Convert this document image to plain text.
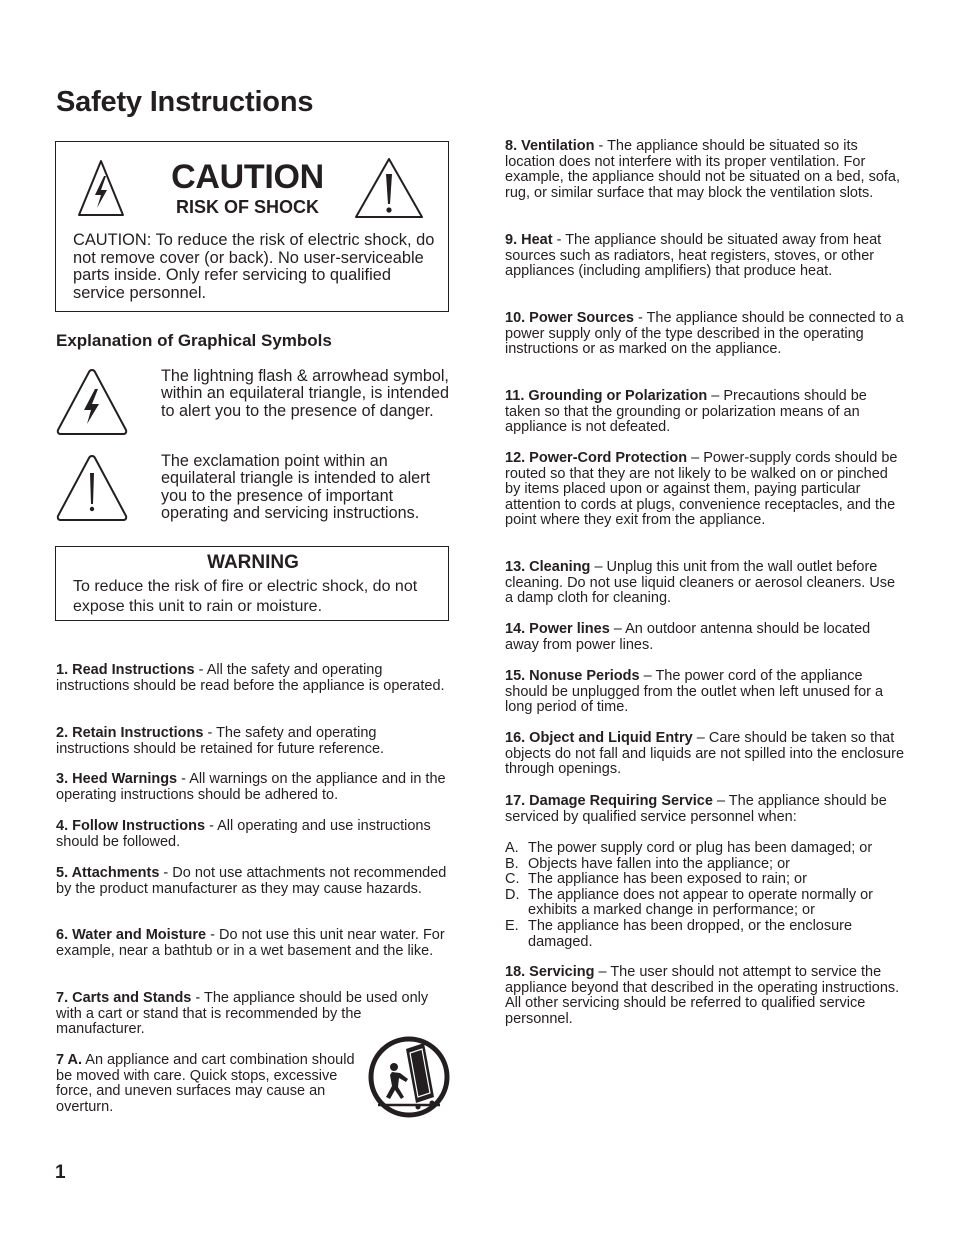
Safety Instructions
CAUTION
RISK OF SHOCK
CAUTION: To reduce the risk of electric shock, do not remove cover (or back). No user-serviceable parts inside. Only refer servicing to qualified service personnel.
Explanation of Graphical Symbols
The lightning flash & arrowhead symbol, within an equilateral triangle, is intended to alert you to the presence of danger.
The exclamation point within an equilateral triangle is intended to alert you to the presence of important operating and servicing instructions.
WARNING
To reduce the risk of fire or electric shock, do not expose this unit to rain or moisture.
1. Read Instructions - All the safety and operating instructions should be read before the appliance is operated.
2. Retain Instructions - The safety and operating instructions should be retained for future reference.
3. Heed Warnings - All warnings on the appliance and in the operating instructions should be adhered to.
4. Follow Instructions - All operating and use instructions should be followed.
5. Attachments - Do not use attachments not recommended by the product manufacturer as they may cause hazards.
6. Water and Moisture - Do not use this unit near water. For example, near a bathtub or in a wet basement and the like.
7. Carts and Stands - The appliance should be used only with a cart or stand that is recommended by the manufacturer.
7 A. An appliance and cart combination should be moved with care. Quick stops, excessive force, and uneven surfaces may cause an overturn.
8. Ventilation - The appliance should be situated so its location does not interfere with its proper ventilation. For example, the appliance should not be situated on a bed, sofa, rug, or similar surface that may block the ventilation slots.
9. Heat - The appliance should be situated away from heat sources such as radiators, heat registers, stoves, or other appliances (including amplifiers) that produce heat.
10. Power Sources - The appliance should be connected to a power supply only of the type described in the operating instructions or as marked on the appliance.
11. Grounding or Polarization – Precautions should be taken so that the grounding or polarization means of an appliance is not defeated.
12. Power-Cord Protection – Power-supply cords should be routed so that they are not likely to be walked on or pinched by items placed upon or against them, paying particular attention to cords at plugs, convenience receptacles, and the point where they exit from the appliance.
13. Cleaning – Unplug this unit from the wall outlet before cleaning. Do not use liquid cleaners or aerosol cleaners. Use a damp cloth for cleaning.
14. Power lines – An outdoor antenna should be located away from power lines.
15. Nonuse Periods – The power cord of the appliance should be unplugged from the outlet when left unused for a long period of time.
16. Object and Liquid Entry – Care should be taken so that objects do not fall and liquids are not spilled into the enclosure through openings.
17. Damage Requiring Service – The appliance should be serviced by qualified service personnel when:
A. The power supply cord or plug has been damaged; or
B. Objects have fallen into the appliance; or
C. The appliance has been exposed to rain; or
D. The appliance does not appear to operate normally or exhibits a marked change in performance; or
E. The appliance has been dropped, or the enclosure damaged.
18. Servicing – The user should not attempt to service the appliance beyond that described in the operating instructions. All other servicing should be referred to qualified service personnel.
1
